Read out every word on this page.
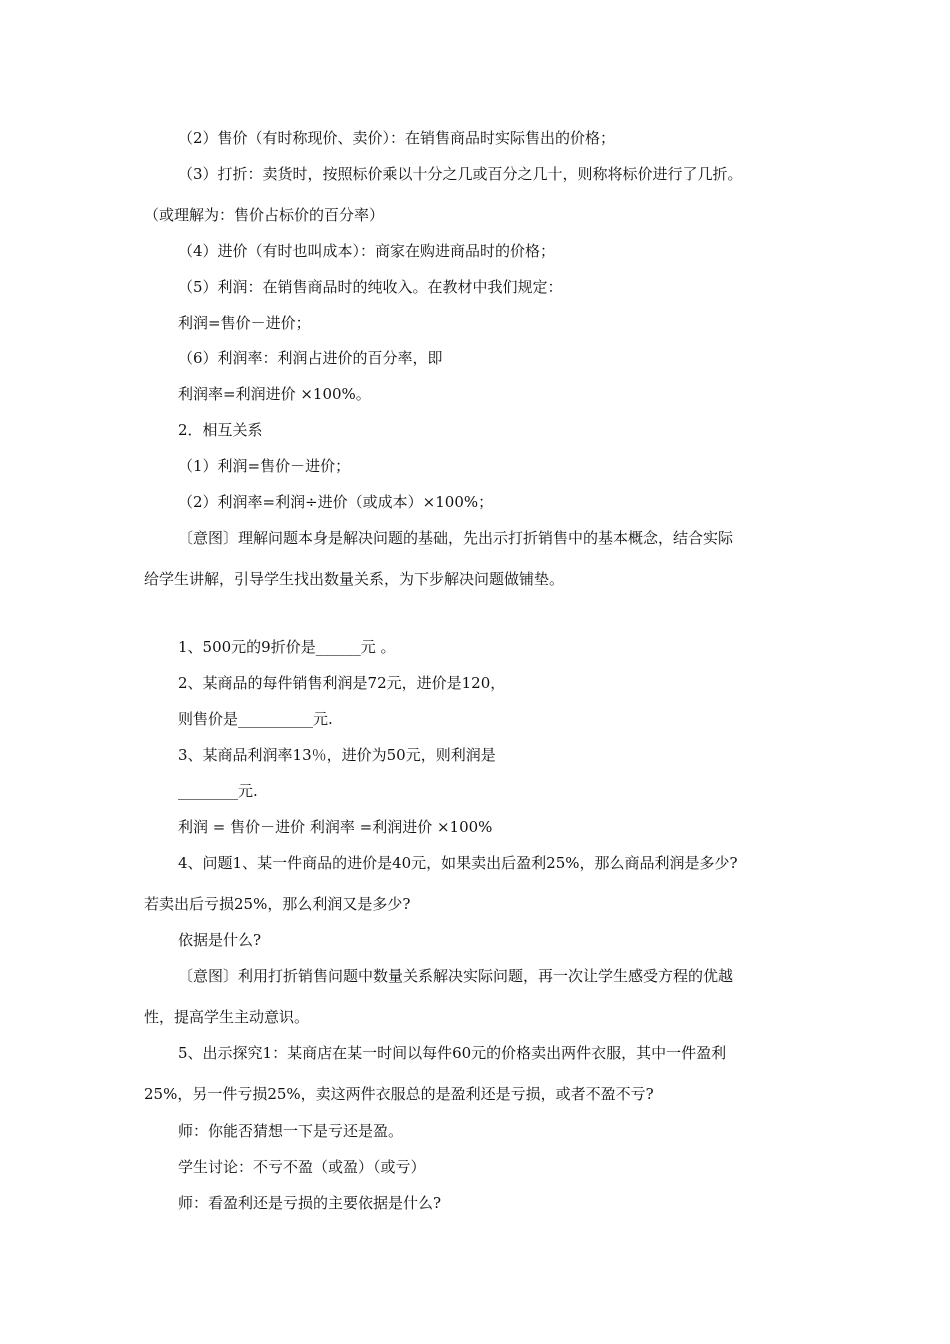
（2）售价（有时称现价、卖价）：在销售商品时实际售出的价格；
（3）打折：卖货时，按照标价乘以十分之几或百分之几十，则称将标价进行了几折。
（或理解为：售价占标价的百分率）
（4）进价（有时也叫成本）：商家在购进商品时的价格；
（5）利润：在销售商品时的纯收入。在教材中我们规定：
利润=售价－进价；
（6）利润率：利润占进价的百分率，即
利润率=利润进价 ×100%。
2．相互关系
（1）利润=售价－进价；
（2）利润率=利润÷进价（或成本）×100%；
〔意图〕理解问题本身是解决问题的基础，先出示打折销售中的基本概念，结合实际
给学生讲解，引导学生找出数量关系，为下步解决问题做铺垫。
1、500元的9折价是______元 。
2、某商品的每件销售利润是72元，进价是120，
则售价是__________元.
3、某商品利润率13％，进价为50元，则利润是
________元.
利润 = 售价－进价 利润率 =利润进价 ×100%
4、问题1、某一件商品的进价是40元，如果卖出后盈利25%，那么商品利润是多少?
若卖出后亏损25%，那么利润又是多少?
依据是什么?
〔意图〕利用打折销售问题中数量关系解决实际问题，再一次让学生感受方程的优越
性，提高学生主动意识。
5、出示探究1：某商店在某一时间以每件60元的价格卖出两件衣服，其中一件盈利
25%，另一件亏损25%，卖这两件衣服总的是盈利还是亏损，或者不盈不亏?
师：你能否猜想一下是亏还是盈。
学生讨论：不亏不盈（或盈）（或亏）
师：看盈利还是亏损的主要依据是什么?
